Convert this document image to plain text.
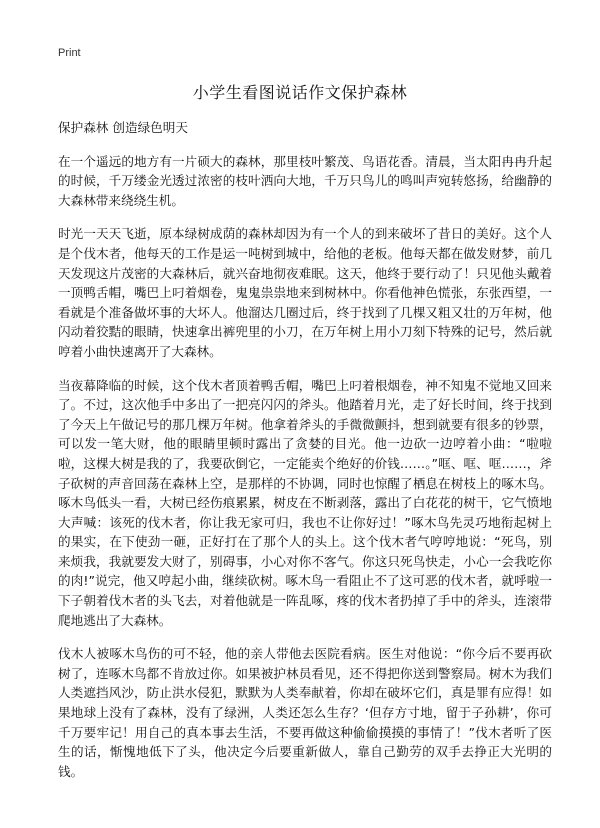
Print
小学生看图说话作文保护森林

保护森林 创造绿色明天

在一个遥远的地方有一片硕大的森林，那里枝叶繁茂、鸟语花香。清晨，当太阳冉冉升起的时候，千万缕金光透过浓密的枝叶洒向大地，千万只鸟儿的鸣叫声宛转悠扬，给幽静的大森林带来绕绕生机。

时光一天天飞逝，原本绿树成荫的森林却因为有一个人的到来破坏了昔日的美好。这个人是个伐木者，他每天的工作是运一吨树到城中，给他的老板。他每天都在做发财梦，前几天发现这片茂密的大森林后，就兴奋地彻夜难眠。这天，他终于要行动了！只见他头戴着一顶鸭舌帽，嘴巴上叼着烟卷，鬼鬼祟祟地来到树林中。你看他神色慌张，东张西望，一看就是个准备做坏事的大坏人。他溜达几圈过后，终于找到了几棵又粗又壮的万年树，他闪动着狡黠的眼睛，快速拿出裤兜里的小刀，在万年树上用小刀刻下特殊的记号，然后就哼着小曲快速离开了大森林。

当夜幕降临的时候，这个伐木者顶着鸭舌帽，嘴巴上叼着根烟卷，神不知鬼不觉地又回来了。不过，这次他手中多出了一把亮闪闪的斧头。他踏着月光，走了好长时间，终于找到了今天上午做记号的那几棵万年树。他拿着斧头的手微微颤抖，想到就要有很多的钞票，可以发一笔大财，他的眼睛里顿时露出了贪婪的目光。他一边砍一边哼着小曲：“啦啦啦，这棵大树是我的了，我要砍倒它，一定能卖个绝好的价钱……。”哐、哐、哐……，斧子砍树的声音回荡在森林上空，是那样的不协调，同时也惊醒了栖息在树枝上的啄木鸟。啄木鸟低头一看，大树已经伤痕累累，树皮在不断剥落，露出了白花花的树干，它气愤地大声喊：该死的伐木者，你让我无家可归，我也不让你好过！”啄木鸟先灵巧地衔起树上的果实，在下使劲一砸，正好打在了那个人的头上。这个伐木者气哼哼地说：“死鸟，别来烦我，我就要发大财了，别碍事，小心对你不客气。你这只死鸟快走，小心一会我吃你的肉!”说完，他又哼起小曲，继续砍树。啄木鸟一看阻止不了这可恶的伐木者，就呼啦一下子朝着伐木者的头飞去，对着他就是一阵乱啄，疼的伐木者扔掉了手中的斧头，连滚带爬地逃出了大森林。

伐木人被啄木鸟伤的可不轻，他的亲人带他去医院看病。医生对他说：“你今后不要再砍树了，连啄木鸟都不肯放过你。如果被护林员看见，还不得把你送到警察局。树木为我们人类遮挡风沙，防止洪水侵犯，默默为人类奉献着，你却在破坏它们，真是罪有应得！如果地球上没有了森林，没有了绿洲，人类还怎么生存？‘但存方寸地，留于子孙耕’，你可千万要牢记！用自己的真本事去生活，不要再做这种偷偷摸摸的事情了！”伐木者听了医生的话，惭愧地低下了头，他决定今后要重新做人，靠自己勤劳的双手去挣正大光明的钱。
